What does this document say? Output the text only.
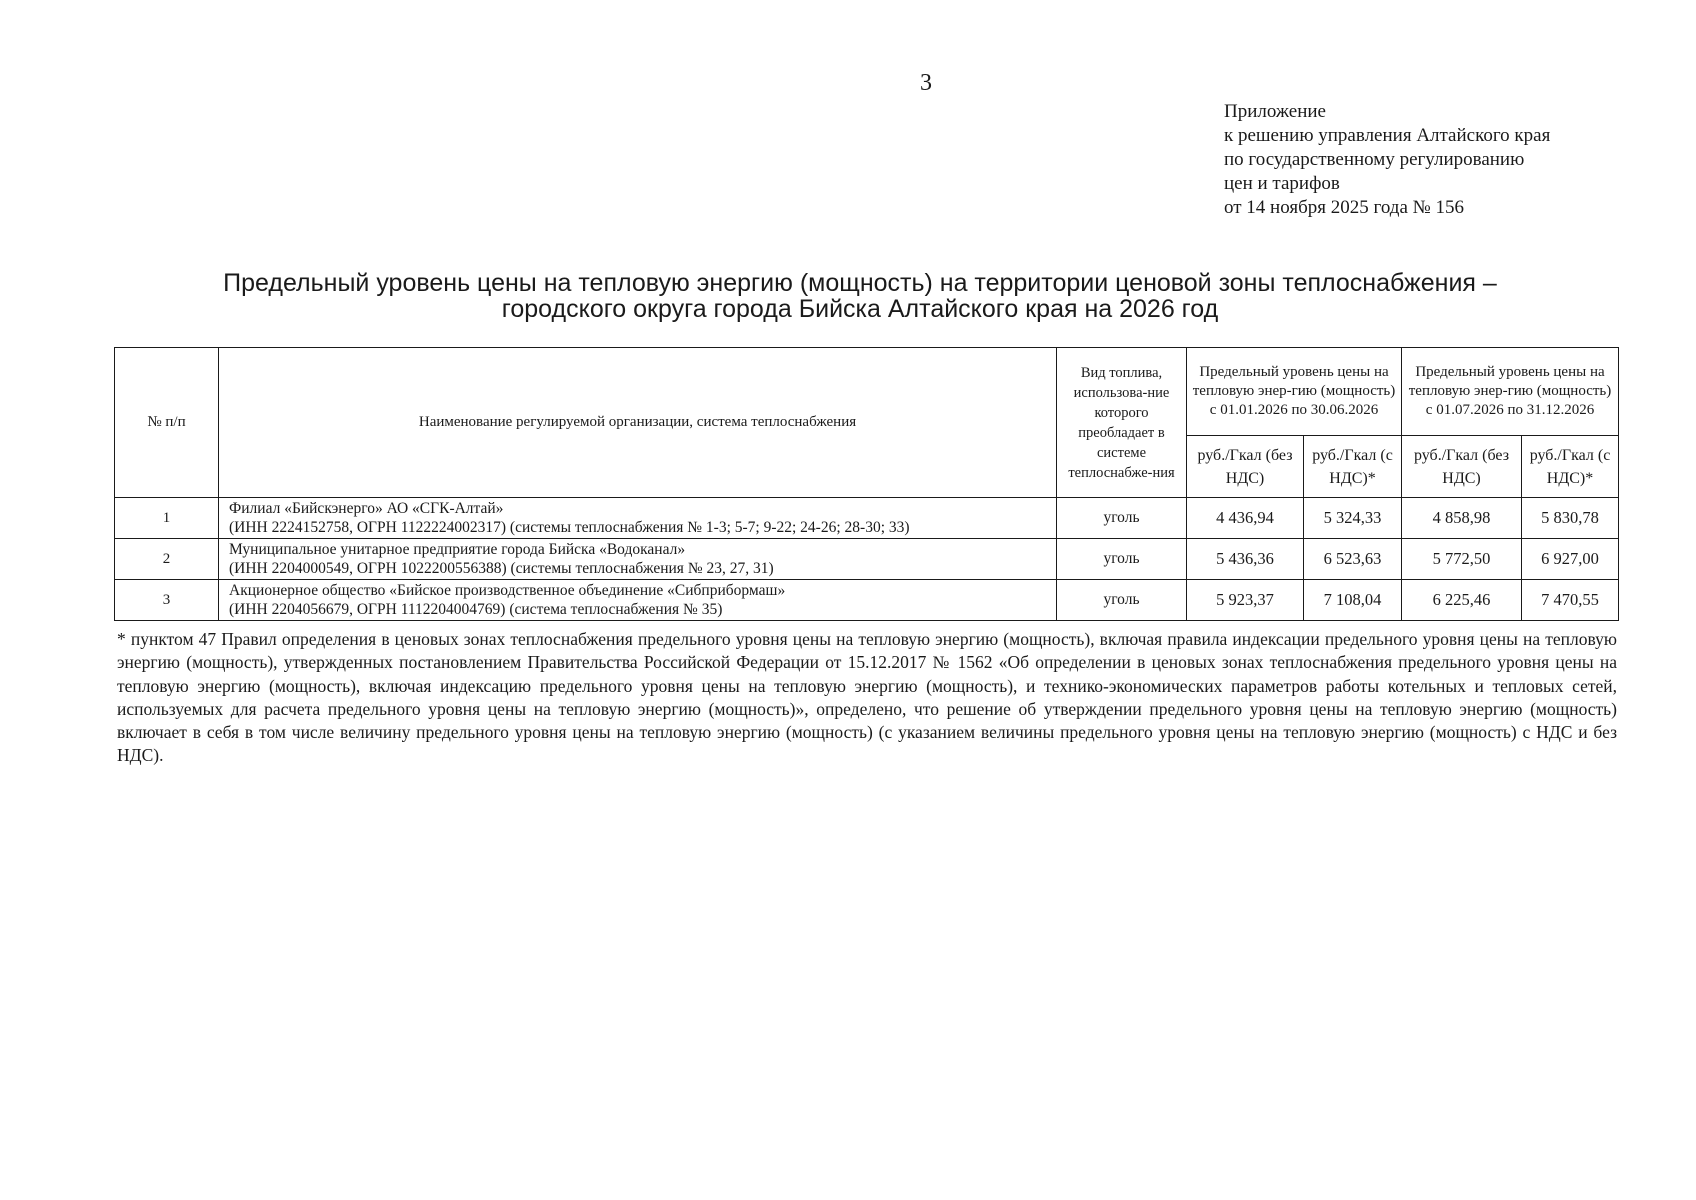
3
Приложение
к решению управления Алтайского края
по государственному регулированию
цен и тарифов
от 14 ноября 2025 года № 156
Предельный уровень цены на тепловую энергию (мощность) на территории ценовой зоны теплоснабжения –
городского округа города Бийска Алтайского края на 2026 год
№ п/п	Наименование регулируемой организации, система теплоснабжения	Вид топлива, использова-ние которого преобладает в системе теплоснабже-ния	Предельный уровень цены на тепловую энер-гию (мощность) с 01.01.2026 по 30.06.2026		Предельный уровень цены на тепловую энер-гию (мощность) с 01.07.2026 по 31.12.2026	
			руб./Гкал (без НДС)	руб./Гкал (с НДС)*	руб./Гкал (без НДС)	руб./Гкал (с НДС)*
1	Филиал «Бийскэнерго» АО «СГК-Алтай»
(ИНН 2224152758, ОГРН 1122224002317) (системы теплоснабжения № 1-3; 5-7; 9-22; 24-26; 28-30; 33)	уголь	4 436,94	5 324,33	4 858,98	5 830,78
2	Муниципальное унитарное предприятие города Бийска «Водоканал»
(ИНН 2204000549, ОГРН 1022200556388) (системы теплоснабжения № 23, 27, 31)	уголь	5 436,36	6 523,63	5 772,50	6 927,00
3	Акционерное общество «Бийское производственное объединение «Сибприбормаш»
(ИНН 2204056679, ОГРН 1112204004769) (система теплоснабжения № 35)	уголь	5 923,37	7 108,04	6 225,46	7 470,55
* пунктом 47 Правил определения в ценовых зонах теплоснабжения предельного уровня цены на тепловую энергию (мощность), включая правила индексации предельного уровня цены на тепловую энергию (мощность), утвержденных постановлением Правительства Российской Федерации от 15.12.2017 № 1562 «Об определении в ценовых зонах теплоснабжения предельного уровня цены на тепловую энергию (мощность), включая индексацию предельного уровня цены на тепловую энергию (мощность), и технико-экономических параметров работы котельных и тепловых сетей, используемых для расчета предельного уровня цены на тепловую энергию (мощность)», определено, что решение об утверждении предельного уровня цены на тепловую энергию (мощность) включает в себя в том числе величину предельного уровня цены на тепловую энергию (мощность) (с указанием величины предельного уровня цены на тепловую энергию (мощность) с НДС и без НДС).
